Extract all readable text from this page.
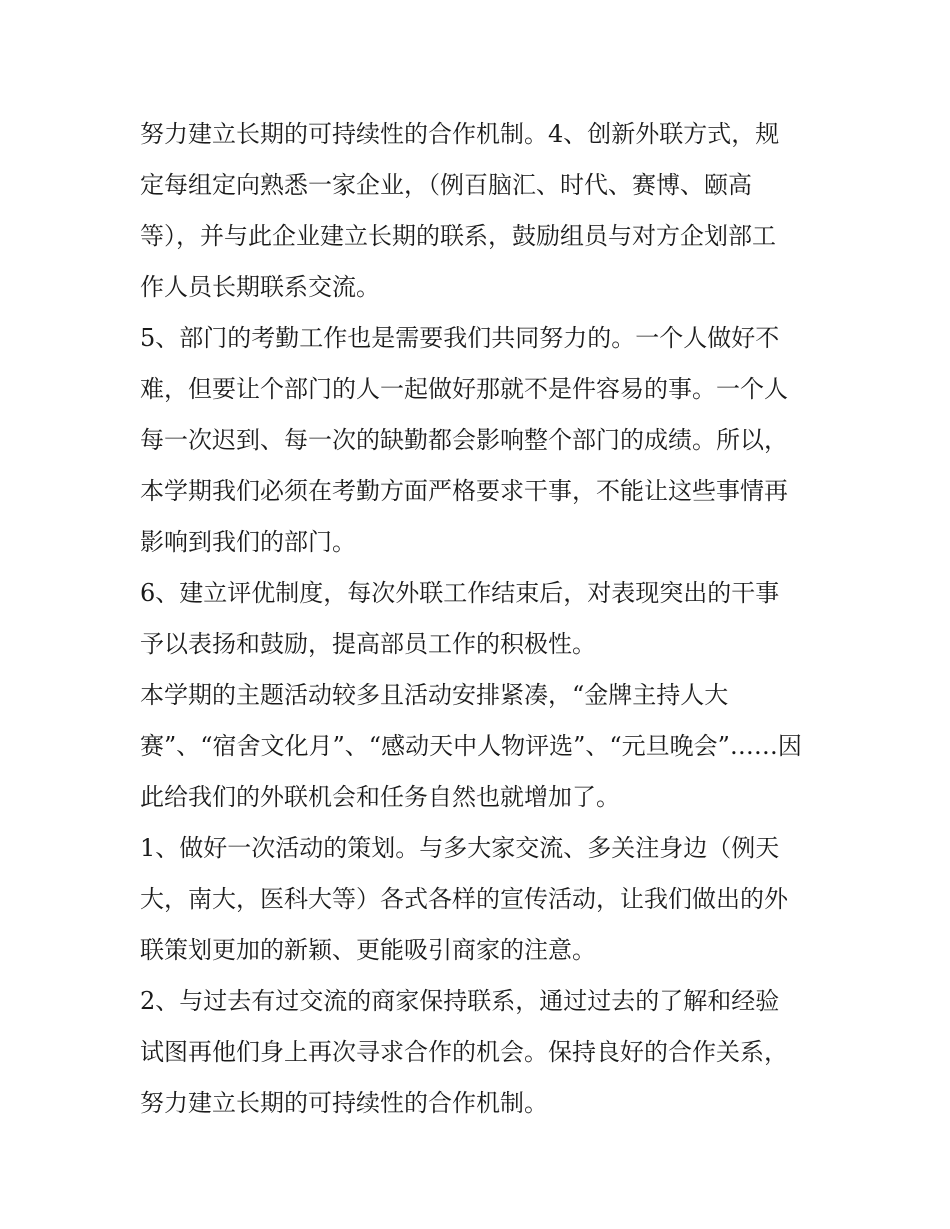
努力建立长期的可持续性的合作机制。4、创新外联方式，规
定每组定向熟悉一家企业，（例百脑汇、时代、赛博、颐高
等），并与此企业建立长期的联系，鼓励组员与对方企划部工
作人员长期联系交流。
5、部门的考勤工作也是需要我们共同努力的。一个人做好不
难，但要让个部门的人一起做好那就不是件容易的事。一个人
每一次迟到、每一次的缺勤都会影响整个部门的成绩。所以，
本学期我们必须在考勤方面严格要求干事，不能让这些事情再
影响到我们的部门。
6、建立评优制度，每次外联工作结束后，对表现突出的干事
予以表扬和鼓励，提高部员工作的积极性。
本学期的主题活动较多且活动安排紧凑，“金牌主持人大
赛”、“宿舍文化月”、“感动天中人物评选”、“元旦晚会”……因
此给我们的外联机会和任务自然也就增加了。
1、做好一次活动的策划。与多大家交流、多关注身边（例天
大，南大，医科大等）各式各样的宣传活动，让我们做出的外
联策划更加的新颖、更能吸引商家的注意。
2、与过去有过交流的商家保持联系，通过过去的了解和经验
试图再他们身上再次寻求合作的机会。保持良好的合作关系，
努力建立长期的可持续性的合作机制。
